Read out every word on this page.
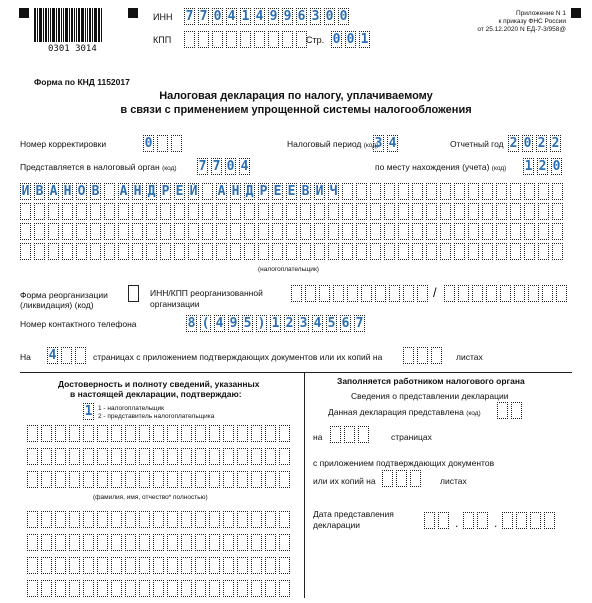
0301 3014
ИНН 7 7 0 4 1 4 9 9 6 3 0 0
КПП	Стр. 0 0 1
Приложение N 1
к приказу ФНС России
от 25.12.2020 N ЕД-7-3/958@
Форма по КНД 1152017
Налоговая декларация по налогу, уплачиваемому
в связи с применением упрощенной системы налогообложения
Номер корректировки	0	Налоговый период (код)
3 4	Отчетный год 2 0 2 2
Представляется в налоговый орган (код) 7 7 0 4	по месту нахождения (учета) (код) 1 2 0
И В А Н О В А Н Д Р Е Й А Н Д Р Е Е В И Ч
(налогоплательщик)
Форма реорганизации
(ликвидация) (код)
ИНН/КПП реорганизованной
организации
/
Номер контактного телефона	8 ( 4 9 5 ) 1 2 3 4 5 6 7
На 4	страницах с приложением подтверждающих документов или их копий на	листах
Достоверность и полноту сведений, указанных
в настоящей декларации, подтверждаю:
1 1 - налогоплательщик
2 - представитель налогоплательщика
(фамилия, имя, отчество* полностью)
Заполняется работником налогового органа
Сведения о представлении декларации
Данная декларация представлена (код)
на	страницах
с приложением подтверждающих документов
или их копий на	листах
Дата представления
декларации	.	.
